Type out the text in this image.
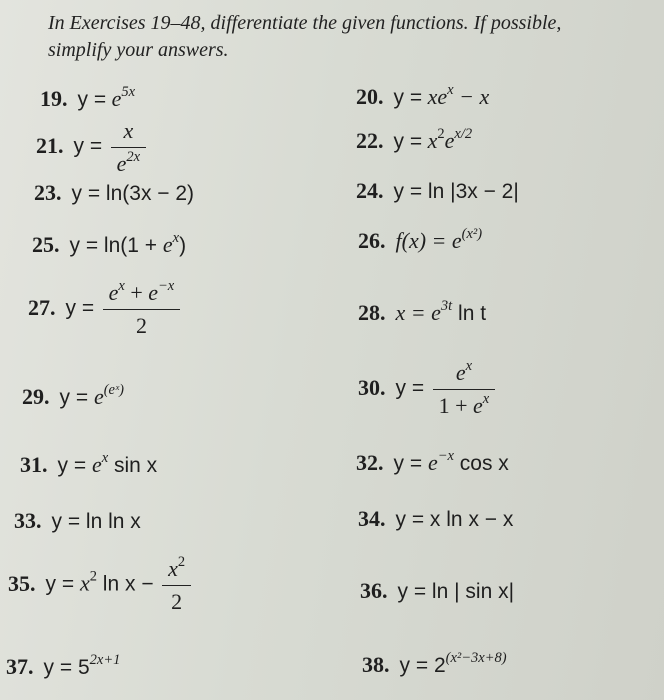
In Exercises 19–48, differentiate the given functions. If possible,
simplify your answers.
19. $y = e^{5x}$	20. $y = xe^x - x$
21. $y = \frac{x}{e^{2x}}$	22. $y = x^2e^{x/2}$
23. y = ln(3x − 2)	24. y = ln |3x − 2|
25. $y = \ln(1 + e^x)$	26. $f(x) = e^{(x^2)}$
27. $y = \frac{e^x + e^{-x}}{2}$	28. $x = e^{3t}$ ln t
29. $y = e^{(eˣ)}$	30. $y = \frac{e^x}{1 + e^x}$
31. $y = e^x$ sin x	32. $y = e^{-x}$ cos x
33. y = ln ln x	34. y = x ln x − x
35. $y = x^2$ $\ln x - \frac{x^2}{2}$	36. y = ln | sin x|
37. $y = 5^{2x+1}$	38. $y = 2^{(x^2-3x+8)}$
